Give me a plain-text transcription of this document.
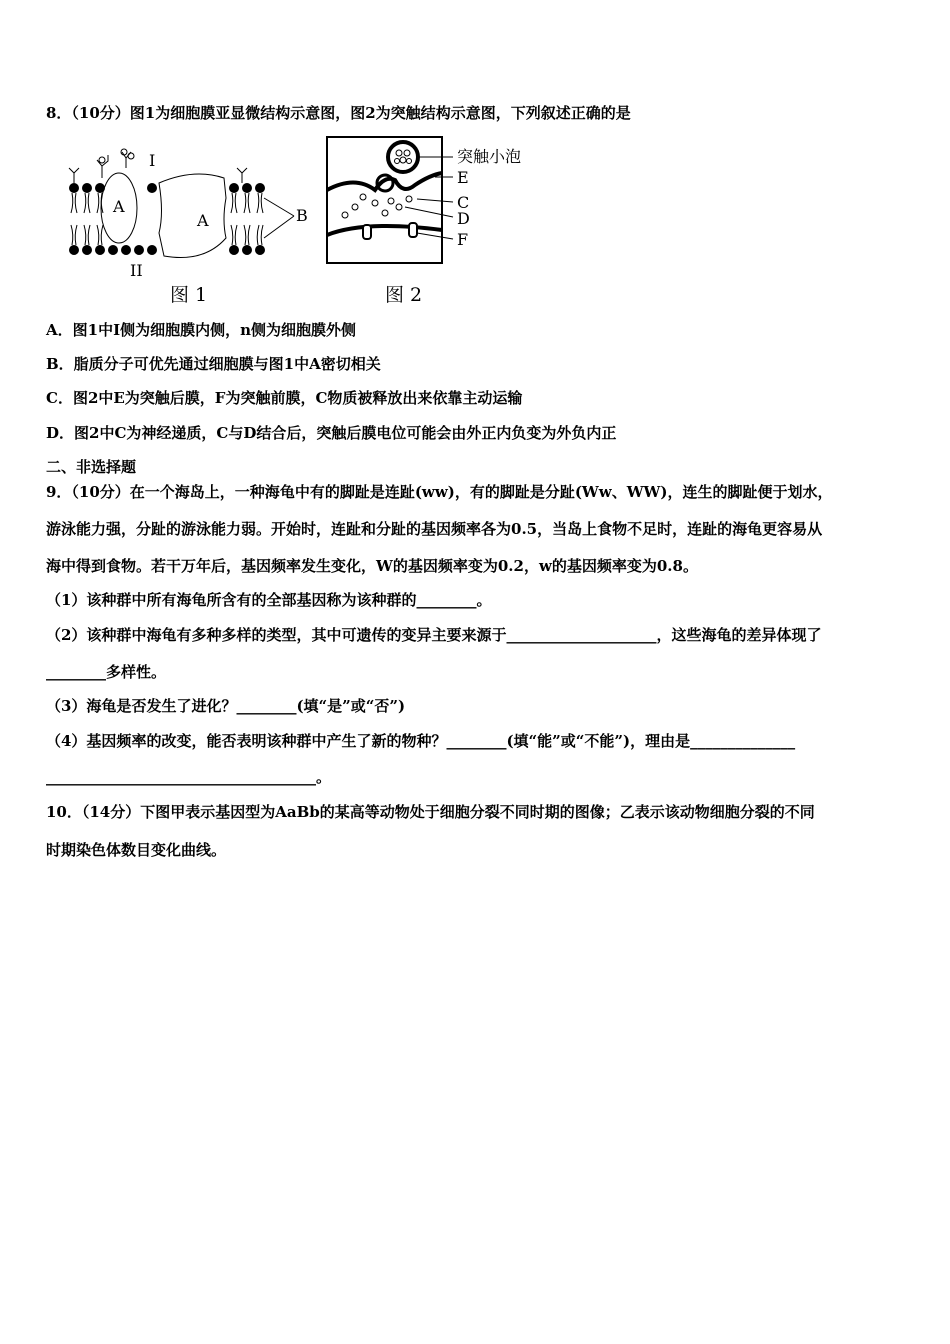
8．（10分）图1为细胞膜亚显微结构示意图，图2为突触结构示意图，下列叙述正确的是
I
II
A
A	B
图 1
突触小泡
E
C
D
F
图 2
A．图1中I侧为细胞膜内侧，n侧为细胞膜外侧
B．脂质分子可优先通过细胞膜与图1中A密切相关
C．图2中E为突触后膜，F为突触前膜，C物质被释放出来依靠主动运输
D．图2中C为神经递质，C与D结合后，突触后膜电位可能会由外正内负变为外负内正
二、非选择题
9．（10分）在一个海岛上，一种海龟中有的脚趾是连趾(ww)，有的脚趾是分趾(Ww、WW)，连生的脚趾便于划水，
游泳能力强，分趾的游泳能力弱。开始时，连趾和分趾的基因频率各为0.5，当岛上食物不足时，连趾的海龟更容易从
海中得到食物。若干万年后，基因频率发生变化，W的基因频率变为0.2，w的基因频率变为0.8。
（1）该种群中所有海龟所含有的全部基因称为该种群的________。
（2）该种群中海龟有多种多样的类型，其中可遗传的变异主要来源于____________________，这些海龟的差异体现了
________多样性。
（3）海龟是否发生了进化？________(填“是”或“否”)
（4）基因频率的改变，能否表明该种群中产生了新的物种？________(填“能”或“不能”)，理由是______________
____________________________________。
10．（14分）下图甲表示基因型为AaBb的某高等动物处于细胞分裂不同时期的图像；乙表示该动物细胞分裂的不同
时期染色体数目变化曲线。
